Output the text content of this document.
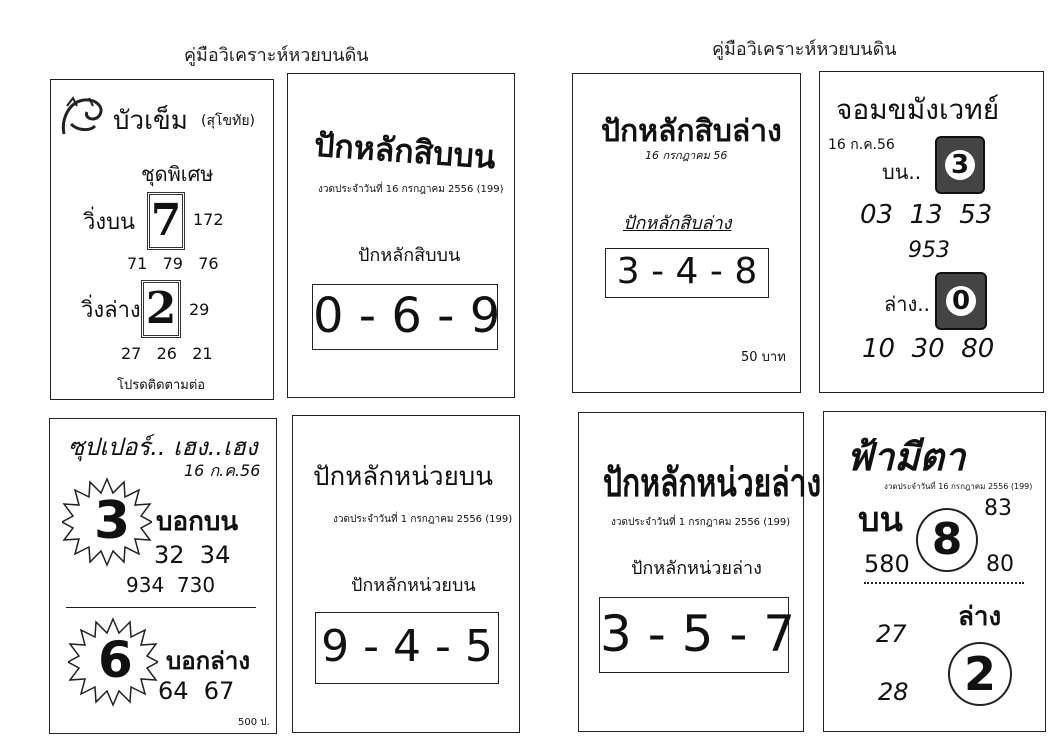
คู่มือวิเคราะห์หวยบนดิน	คู่มือวิเคราะห์หวยบนดิน
บัวเข็ม (สุโขทัย)
ชุดพิเศษ
วิ่งบน 7 172
71   79   76
วิ่งล่าง 2 29
27   26   21
โปรดติดตามต่อ
ปักหลักสิบบน
งวดประจำวันที่ 16 กรกฎาคม 2556 (199)
ปักหลักสิบบน
0 - 6 - 9
ปักหลักสิบล่าง
16 กรกฎาคม 56
ปักหลักสิบล่าง
3 - 4 - 8
50 บาท
จอมขมังเวทย์
16 ก.ค.56
บน.. 3
03  13  53
953
ล่าง.. 0
10  30  80
ซุปเปอร์.. เฮง..เฮง
16 ก.ค.56
3 บอกบน
32  34
934  730
6 บอกล่าง
64  67
500 ป.
ปักหลักหน่วยบน
งวดประจำวันที่ 1 กรกฎาคม 2556 (199)
ปักหลักหน่วยบน
9 - 4 - 5
ปักหลักหน่วยล่าง
งวดประจำวันที่ 1 กรกฎาคม 2556 (199)
ปักหลักหน่วยล่าง
3 - 5 - 7
ฟ้ามีตา
งวดประจำวันที่ 16 กรกฎาคม 2556 (199)
บน 8
83
580	80
ล่าง
27
2
28
